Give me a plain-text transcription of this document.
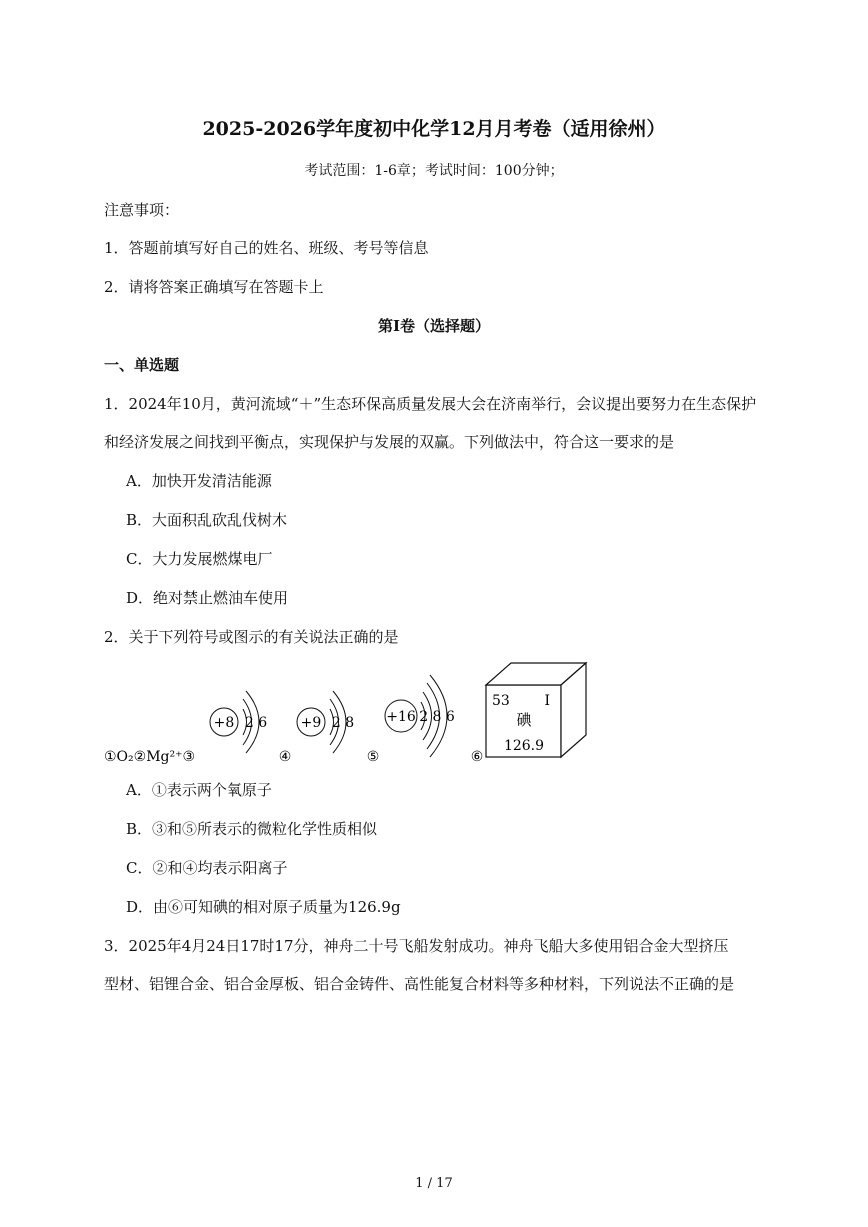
2025-2026学年度初中化学12月月考卷（适用徐州）
考试范围：1-6章；考试时间：100分钟；
注意事项：
1．答题前填写好自己的姓名、班级、考号等信息
2．请将答案正确填写在答题卡上
第I卷（选择题）
一、单选题
1．2024年10月，黄河流域“＋”生态环保高质量发展大会在济南举行，会议提出要努力在生态保护
和经济发展之间找到平衡点，实现保护与发展的双赢。下列做法中，符合这一要求的是
A．加快开发清洁能源
B．大面积乱砍乱伐树木
C．大力发展燃煤电厂
D．绝对禁止燃油车使用
2．关于下列符号或图示的有关说法正确的是
①O₂②Mg²⁺③
+8 2 6
④
+9 2 8
⑤
+16 2 8 6
⑥
53 I
碘
126.9
A．①表示两个氧原子
B．③和⑤所表示的微粒化学性质相似
C．②和④均表示阳离子
D．由⑥可知碘的相对原子质量为126.9g
3．2025年4月24日17时17分，神舟二十号飞船发射成功。神舟飞船大多使用铝合金大型挤压
型材、铝锂合金、铝合金厚板、铝合金铸件、高性能复合材料等多种材料，下列说法不正确的是
1 / 17
